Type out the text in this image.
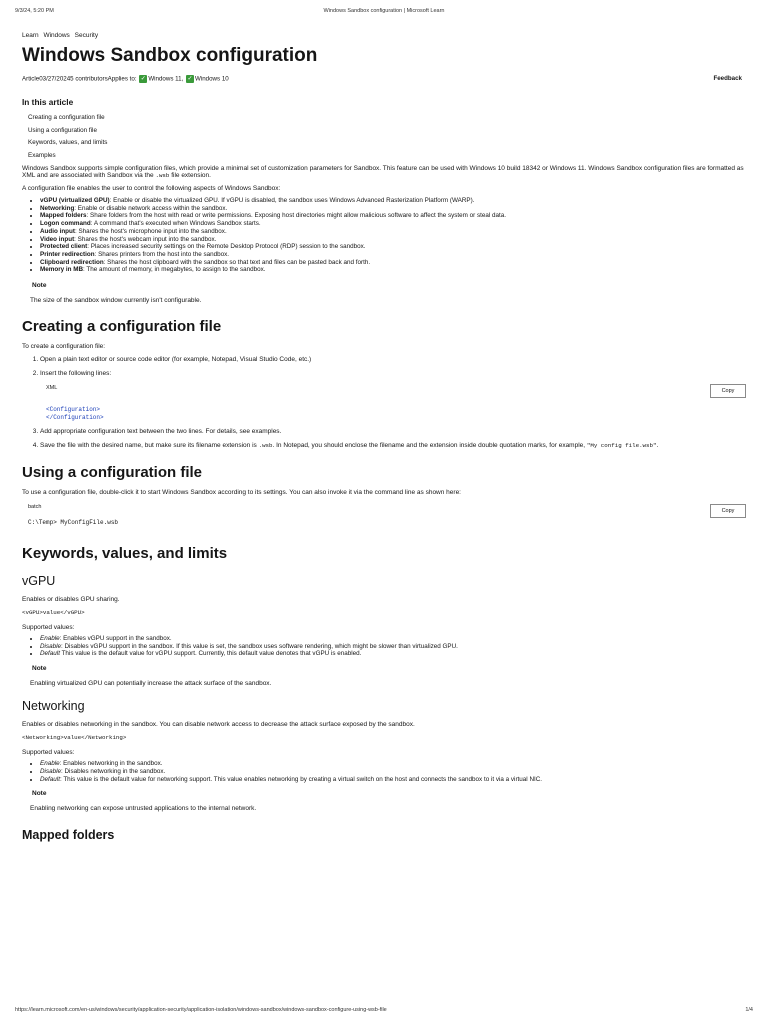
9/3/24, 5:20 PM	Windows Sandbox configuration | Microsoft Learn
Learn Windows Security
Windows Sandbox configuration
Article03/27/20245 contributorsApplies to: ✓ Windows 11, ✓ Windows 10	Feedback
In this article
Creating a configuration file
Using a configuration file
Keywords, values, and limits
Examples

Windows Sandbox supports simple configuration files, which provide a minimal set of customization parameters for Sandbox. This feature can be used with Windows 10 build 18342 or Windows 11. Windows Sandbox configuration files are formatted as XML and are associated with Sandbox via the .wsb file extension.

A configuration file enables the user to control the following aspects of Windows Sandbox:

• vGPU (virtualized GPU): Enable or disable the virtualized GPU. If vGPU is disabled, the sandbox uses Windows Advanced Rasterization Platform (WARP).
• Networking: Enable or disable network access within the sandbox.
• Mapped folders: Share folders from the host with read or write permissions. Exposing host directories might allow malicious software to affect the system or steal data.
• Logon command: A command that's executed when Windows Sandbox starts.
• Audio input: Shares the host's microphone input into the sandbox.
• Video input: Shares the host's webcam input into the sandbox.
• Protected client: Places increased security settings on the Remote Desktop Protocol (RDP) session to the sandbox.
• Printer redirection: Shares printers from the host into the sandbox.
• Clipboard redirection: Shares the host clipboard with the sandbox so that text and files can be pasted back and forth.
• Memory in MB: The amount of memory, in megabytes, to assign to the sandbox.
Note
The size of the sandbox window currently isn't configurable.
Creating a configuration file

To create a configuration file:

1. Open a plain text editor or source code editor (for example, Notepad, Visual Studio Code, etc.)
2. Insert the following lines:
XML	Copy
<Configuration>
</Configuration>
3. Add appropriate configuration text between the two lines. For details, see examples.
4. Save the file with the desired name, but make sure its filename extension is .wsb. In Notepad, you should enclose the filename and the extension inside double quotation marks, for example, "My config file.wsb".
Using a configuration file

To use a configuration file, double-click it to start Windows Sandbox according to its settings. You can also invoke it via the command line as shown here:

batch
Copy
C:\Temp> MyConfigFile.wsb
Keywords, values, and limits
vGPU

Enables or disables GPU sharing.

<vGPU>value</vGPU>

Supported values:

• Enable: Enables vGPU support in the sandbox.
• Disable: Disables vGPU support in the sandbox. If this value is set, the sandbox uses software rendering, which might be slower than virtualized GPU.
• Default This value is the default value for vGPU support. Currently, this default value denotes that vGPU is enabled.
Note
Enabling virtualized GPU can potentially increase the attack surface of the sandbox.
Networking

Enables or disables networking in the sandbox. You can disable network access to decrease the attack surface exposed by the sandbox.

<Networking>value</Networking>

Supported values:

• Enable: Enables networking in the sandbox.
• Disable: Disables networking in the sandbox.
• Default: This value is the default value for networking support. This value enables networking by creating a virtual switch on the host and connects the sandbox to it via a virtual NIC.
Note
Enabling networking can expose untrusted applications to the internal network.
Mapped folders
https://learn.microsoft.com/en-us/windows/security/application-security/application-isolation/windows-sandbox/windows-sandbox-configure-using-wsb-file	1/4
